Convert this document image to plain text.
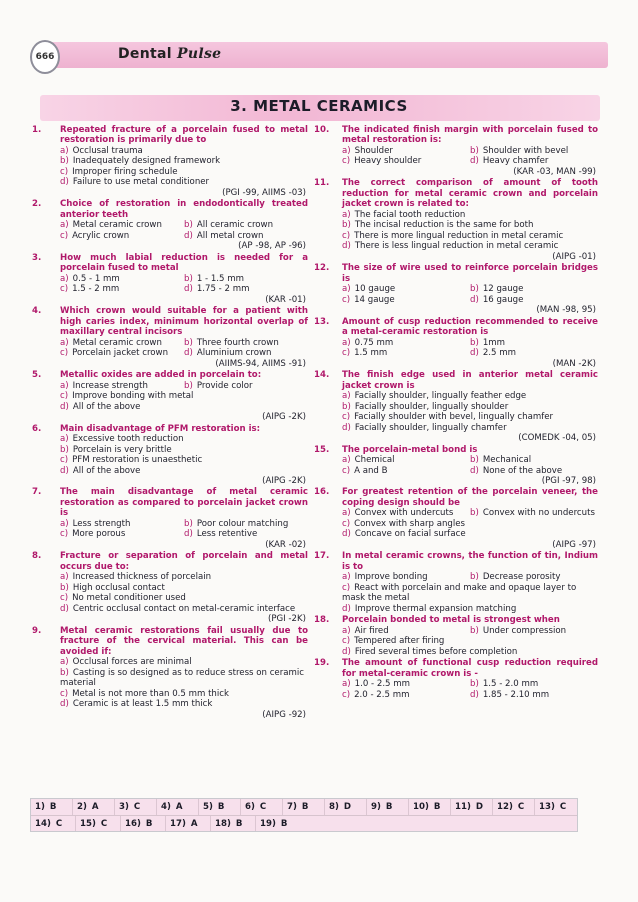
666	Dental Pulse
3. METAL CERAMICS
1. Repeated fracture of a porcelain fused to metal restoration is primarily due to
a) Occlusal trauma
b) Inadequately designed framework
c) Improper firing schedule
d) Failure to use metal conditioner
(PGI -99, AIIMS -03)
2. Choice of restoration in endodontically treated anterior teeth
a) Metal ceramic crown	b) All ceramic crown
c) Acrylic crown	d) All metal crown
(AP -98, AP -96)
3. How much labial reduction is needed for a porcelain fused to metal
a) 0.5 - 1 mm	b) 1 - 1.5 mm
c) 1.5 - 2 mm	d) 1.75 - 2 mm
(KAR -01)
4. Which crown would suitable for a patient with high caries index, minimum horizontal overlap of maxillary central incisors
a) Metal ceramic crown	b) Three fourth crown
c) Porcelain jacket crown	d) Aluminium crown
(AIIMS-94, AIIMS -91)
5. Metallic oxides are added in porcelain to:
a) Increase strength	b) Provide color
c) Improve bonding with metal
d) All of the above
(AIPG -2K)
6. Main disadvantage of PFM restoration is:
a) Excessive tooth reduction
b) Porcelain is very brittle
c) PFM restoration is unaesthetic
d) All of the above
(AIPG -2K)
7. The main disadvantage of metal ceramic restoration as compared to porcelain jacket crown is
a) Less strength	b) Poor colour matching
c) More porous	d) Less retentive
(KAR -02)
8. Fracture or separation of porcelain and metal occurs due to:
a) Increased thickness of porcelain
b) High occlusal contact
c) No metal conditioner used
d) Centric occlusal contact on metal-ceramic interface
(PGI -2K)
9. Metal ceramic restorations fail usually due to fracture of the cervical material. This can be avoided if:
a) Occlusal forces are minimal
b) Casting is so designed as to reduce stress on ceramic material
c) Metal is not more than 0.5 mm thick
d) Ceramic is at least 1.5 mm thick
(AIPG -92)
10. The indicated finish margin with porcelain fused to metal restoration is:
a) Shoulder	b) Shoulder with bevel
c) Heavy shoulder	d) Heavy chamfer
(KAR -03, MAN -99)
11. The correct comparison of amount of tooth reduction for metal ceramic crown and porcelain jacket crown is related to:
a) The facial tooth reduction
b) The incisal reduction is the same for both
c) There is more lingual reduction in metal ceramic
d) There is less lingual reduction in metal ceramic
(AIPG -01)
12. The size of wire used to reinforce porcelain bridges is
a) 10 gauge	b) 12 gauge
c) 14 gauge	d) 16 gauge
(MAN -98, 95)
13. Amount of cusp reduction recommended to receive a metal-ceramic restoration is
a) 0.75 mm	b) 1mm
c) 1.5 mm	d) 2.5 mm
(MAN -2K)
14. The finish edge used in anterior metal ceramic jacket crown is
a) Facially shoulder, lingually feather edge
b) Facially shoulder, lingually shoulder
c) Facially shoulder with bevel, lingually chamfer
d) Facially shoulder, lingually chamfer
(COMEDK -04, 05)
15. The porcelain-metal bond is
a) Chemical	b) Mechanical
c) A and B	d) None of the above
(PGI -97, 98)
16. For greatest retention of the porcelain veneer, the coping design should be
a) Convex with undercuts	b) Convex with no undercuts
c) Convex with sharp angles
d) Concave on facial surface
(AIPG -97)
17. In metal ceramic crowns, the function of tin, Indium is to
a) Improve bonding	b) Decrease porosity
c) React with porcelain and make and opaque layer to mask the metal
d) Improve thermal expansion matching
18. Porcelain bonded to metal is strongest when
a) Air fired	b) Under compression
c) Tempered after firing
d) Fired several times before completion
19. The amount of functional cusp reduction required for metal-ceramic crown is -
a) 1.0 - 2.5 mm	b) 1.5 - 2.0 mm
c) 2.0 - 2.5 mm	d) 1.85 - 2.10 mm
1) B 2) A 3) C 4) A 5) B 6) C 7) B 8) D 9) B 10) B 11) D 12) C 13) C
14) C 15) C 16) B 17) A 18) B 19) B
